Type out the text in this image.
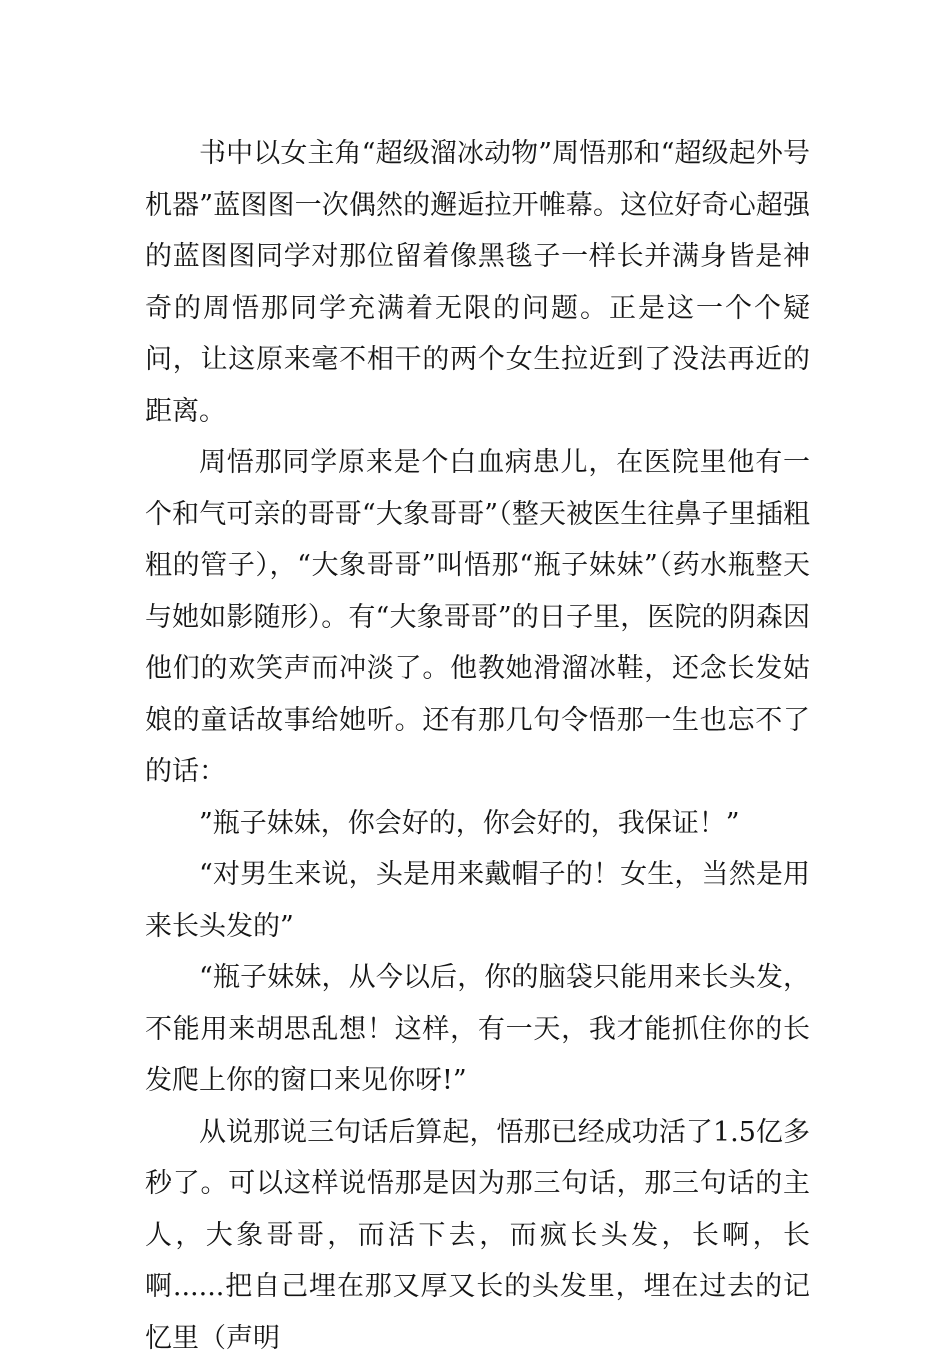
书中以女主角“超级溜冰动物”周悟那和“超级起外号机器”蓝图图一次偶然的邂逅拉开帷幕。这位好奇心超强的蓝图图同学对那位留着像黑毯子一样长并满身皆是神奇的周悟那同学充满着无限的问题。正是这一个个疑问，让这原来毫不相干的两个女生拉近到了没法再近的距离。

周悟那同学原来是个白血病患儿，在医院里他有一个和气可亲的哥哥“大象哥哥”（整天被医生往鼻子里插粗粗的管子），“大象哥哥”叫悟那“瓶子妹妹”（药水瓶整天与她如影随形）。有“大象哥哥”的日子里，医院的阴森因他们的欢笑声而冲淡了。他教她滑溜冰鞋，还念长发姑娘的童话故事给她听。还有那几句令悟那一生也忘不了的话：

”瓶子妹妹，你会好的，你会好的，我保证！”

“对男生来说，头是用来戴帽子的！女生，当然是用来长头发的”

“瓶子妹妹，从今以后，你的脑袋只能用来长头发，不能用来胡思乱想！这样，有一天，我才能抓住你的长发爬上你的窗口来见你呀!”

从说那说三句话后算起，悟那已经成功活了1.5亿多秒了。可以这样说悟那是因为那三句话，那三句话的主人，大象哥哥，而活下去，而疯长头发，长啊，长啊......把自己埋在那又厚又长的头发里，埋在过去的记忆里（声明
